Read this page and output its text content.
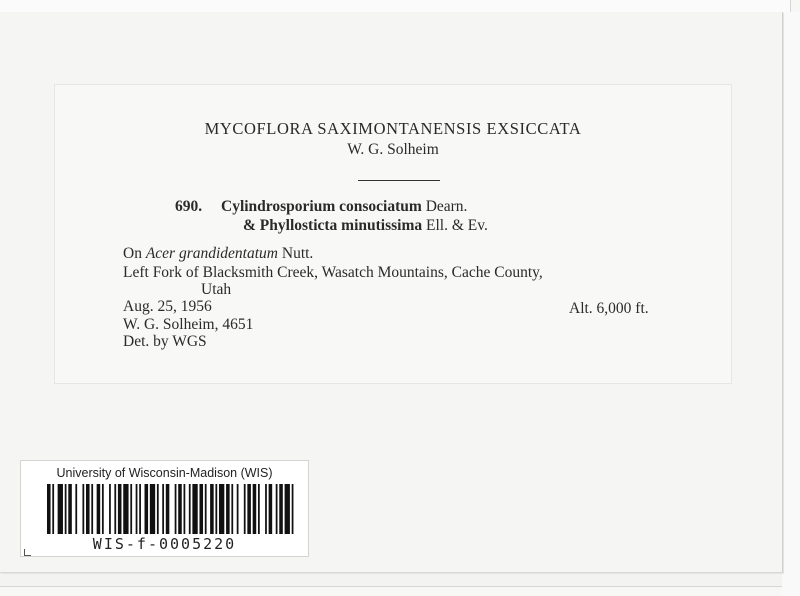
MYCOFLORA SAXIMONTANENSIS EXSICCATA

W. G. Solheim

690. Cylindrosporium consociatum Dearn.
& Phyllosticta minutissima Ell. & Ev.
On Acer grandidentatum Nutt.
Left Fork of Blacksmith Creek, Wasatch Mountains, Cache County,
Utah
Aug. 25, 1956	Alt. 6,000 ft.
W. G. Solheim, 4651
Det. by WGS

University of Wisconsin-Madison (WIS)

WIS-f-0005220
